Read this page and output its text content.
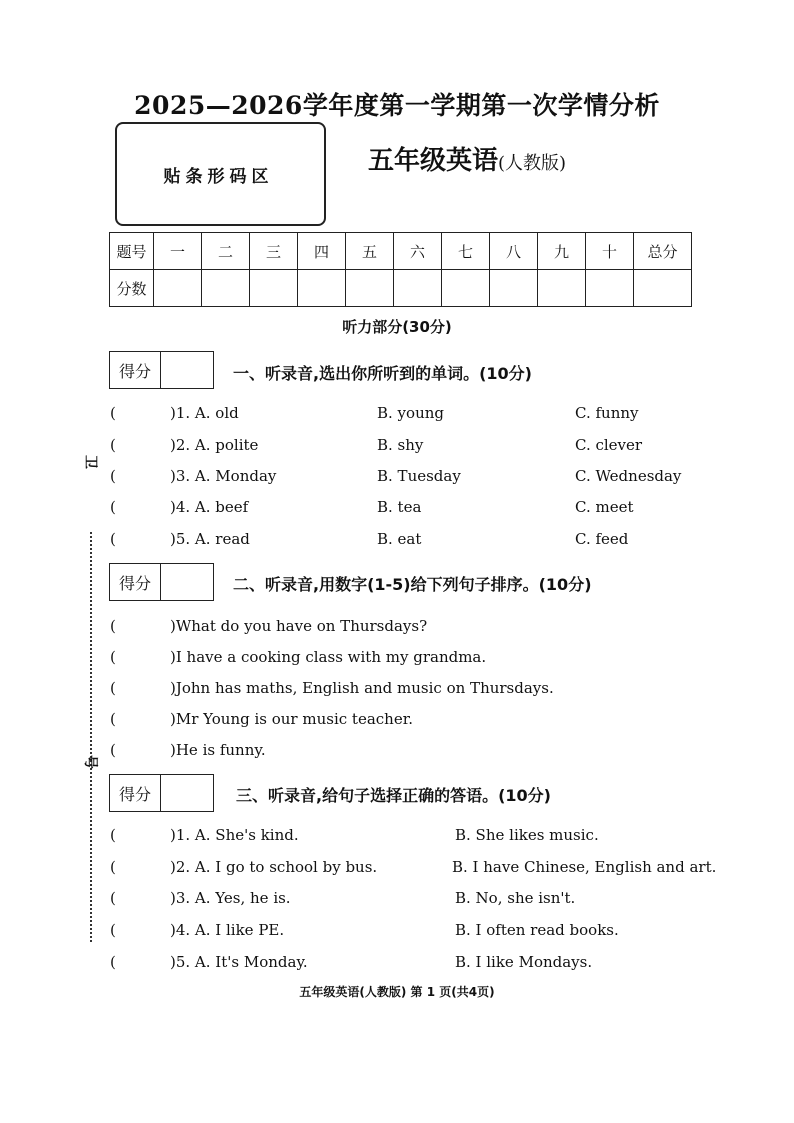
2025—2026学年度第一学期第一次学情分析
贴条形码区
五年级英语(人教版)
题号	一	二	三	四	五	六	七	八	九	十	总分
分数											
听力部分(30分)
卫
号
得分	一、听录音,选出你所听到的单词。(10分)
(	)1. A. old	B. young	C. funny
(	)2. A. polite	B. shy	C. clever
(	)3. A. Monday	B. Tuesday	C. Wednesday
(	)4. A. beef	B. tea	C. meet
(	)5. A. read	B. eat	C. feed
得分	二、听录音,用数字(1-5)给下列句子排序。(10分)
(	)What do you have on Thursdays?
(	)I have a cooking class with my grandma.
(	)John has maths, English and music on Thursdays.
(	)Mr Young is our music teacher.
(	)He is funny.
得分	三、听录音,给句子选择正确的答语。(10分)
(	)1. A. She's kind.	B. She likes music.
(	)2. A. I go to school by bus.	B. I have Chinese, English and art.
(	)3. A. Yes, he is.	B. No, she isn't.
(	)4. A. I like PE.	B. I often read books.
(	)5. A. It's Monday.	B. I like Mondays.
五年级英语(人教版) 第 1 页(共4页)
